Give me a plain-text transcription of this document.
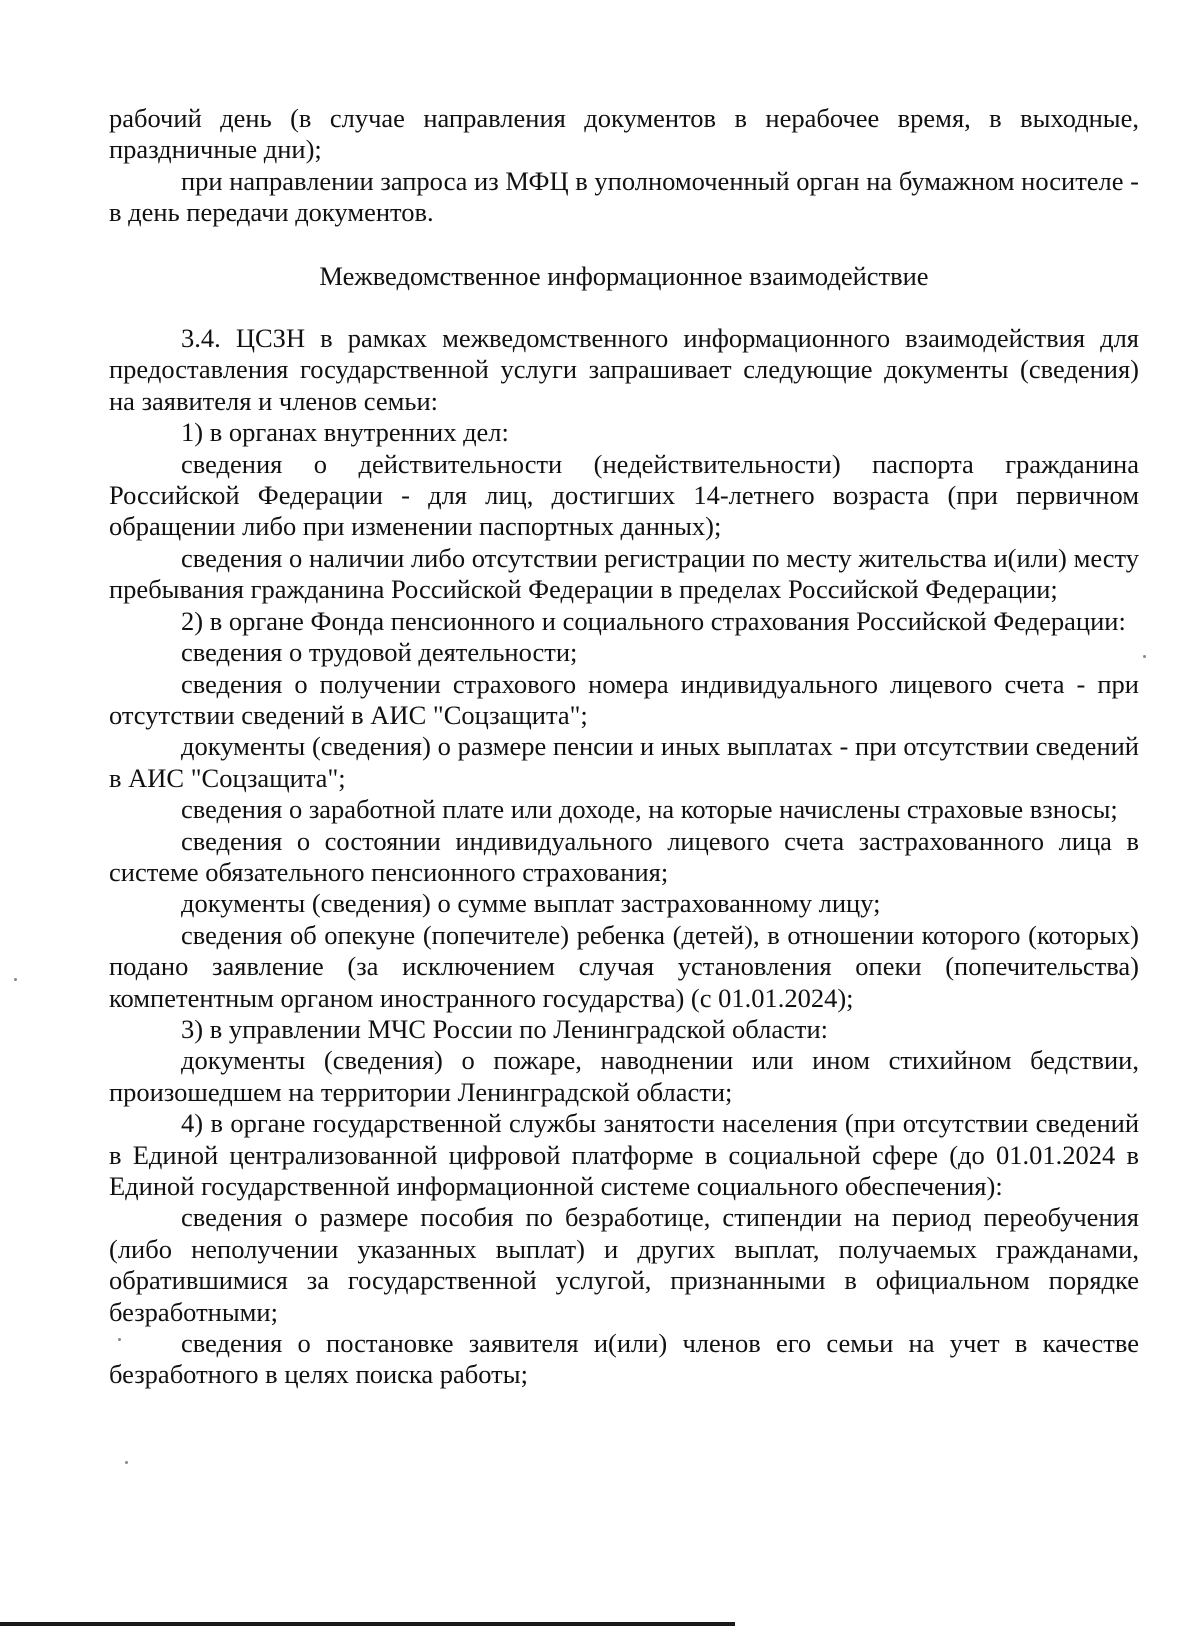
рабочий день (в случае направления документов в нерабочее время, в выходные, праздничные дни);

при направлении запроса из МФЦ в уполномоченный орган на бумажном носителе - в день передачи документов.

Межведомственное информационное взаимодействие

3.4. ЦСЗН в рамках межведомственного информационного взаимодействия для предоставления государственной услуги запрашивает следующие документы (сведения) на заявителя и членов семьи:

1) в органах внутренних дел:

сведения о действительности (недействительности) паспорта гражданина Российской Федерации - для лиц, достигших 14-летнего возраста (при первичном обращении либо при изменении паспортных данных);

сведения о наличии либо отсутствии регистрации по месту жительства и(или) месту пребывания гражданина Российской Федерации в пределах Российской Федерации;

2) в органе Фонда пенсионного и социального страхования Российской Федерации:

сведения о трудовой деятельности;

сведения о получении страхового номера индивидуального лицевого счета - при отсутствии сведений в АИС "Соцзащита";

документы (сведения) о размере пенсии и иных выплатах - при отсутствии сведений в АИС "Соцзащита";

сведения о заработной плате или доходе, на которые начислены страховые взносы;

сведения о состоянии индивидуального лицевого счета застрахованного лица в системе обязательного пенсионного страхования;

документы (сведения) о сумме выплат застрахованному лицу;

сведения об опекуне (попечителе) ребенка (детей), в отношении которого (которых) подано заявление (за исключением случая установления опеки (попечительства) компетентным органом иностранного государства) (с 01.01.2024);

3) в управлении МЧС России по Ленинградской области:

документы (сведения) о пожаре, наводнении или ином стихийном бедствии, произошедшем на территории Ленинградской области;

4) в органе государственной службы занятости населения (при отсутствии сведений в Единой централизованной цифровой платформе в социальной сфере (до 01.01.2024 в Единой государственной информационной системе социального обеспечения):

сведения о размере пособия по безработице, стипендии на период переобучения (либо неполучении указанных выплат) и других выплат, получаемых гражданами, обратившимися за государственной услугой, признанными в официальном порядке безработными;

сведения о постановке заявителя и(или) членов его семьи на учет в качестве безработного в целях поиска работы;
